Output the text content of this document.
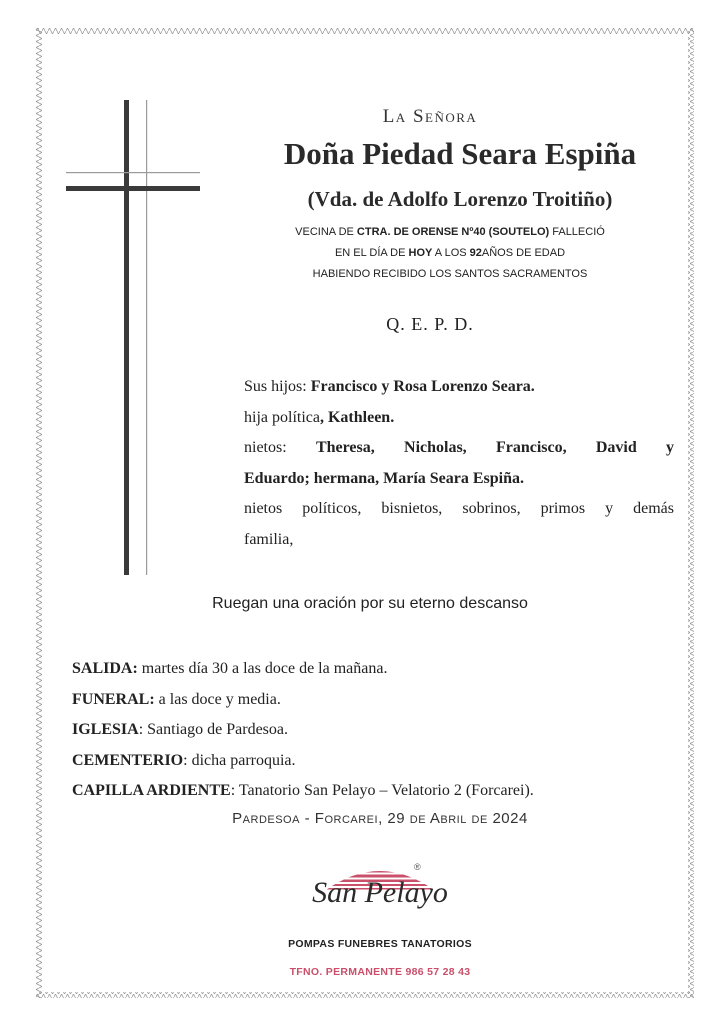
La Señora
Doña Piedad Seara Espiña
(Vda. de Adolfo Lorenzo Troitiño)
VECINA DE CTRA. DE ORENSE Nº40 (SOUTELO) FALLECIÓ
EN EL DÍA DE HOY A LOS 92AÑOS DE EDAD
HABIENDO RECIBIDO LOS SANTOS SACRAMENTOS
Q. E. P. D.

Sus hijos: Francisco y Rosa Lorenzo Seara.

hija política, Kathleen.

nietos: Theresa, Nicholas, Francisco, David y

Eduardo; hermana, María Seara Espiña.

nietos políticos, bisnietos, sobrinos, primos y demás

familia,

Ruegan una oración por su eterno descanso
SALIDA: martes día 30 a las doce de la mañana.
FUNERAL: a las doce y media.
IGLESIA: Santiago de Pardesoa.
CEMENTERIO: dicha parroquia.
CAPILLA ARDIENTE: Tanatorio San Pelayo – Velatorio 2 (Forcarei).
Pardesoa - Forcarei, 29 de Abril de 2024
®
San Pelayo
POMPAS FUNEBRES TANATORIOS
TFNO. PERMANENTE 986 57 28 43
